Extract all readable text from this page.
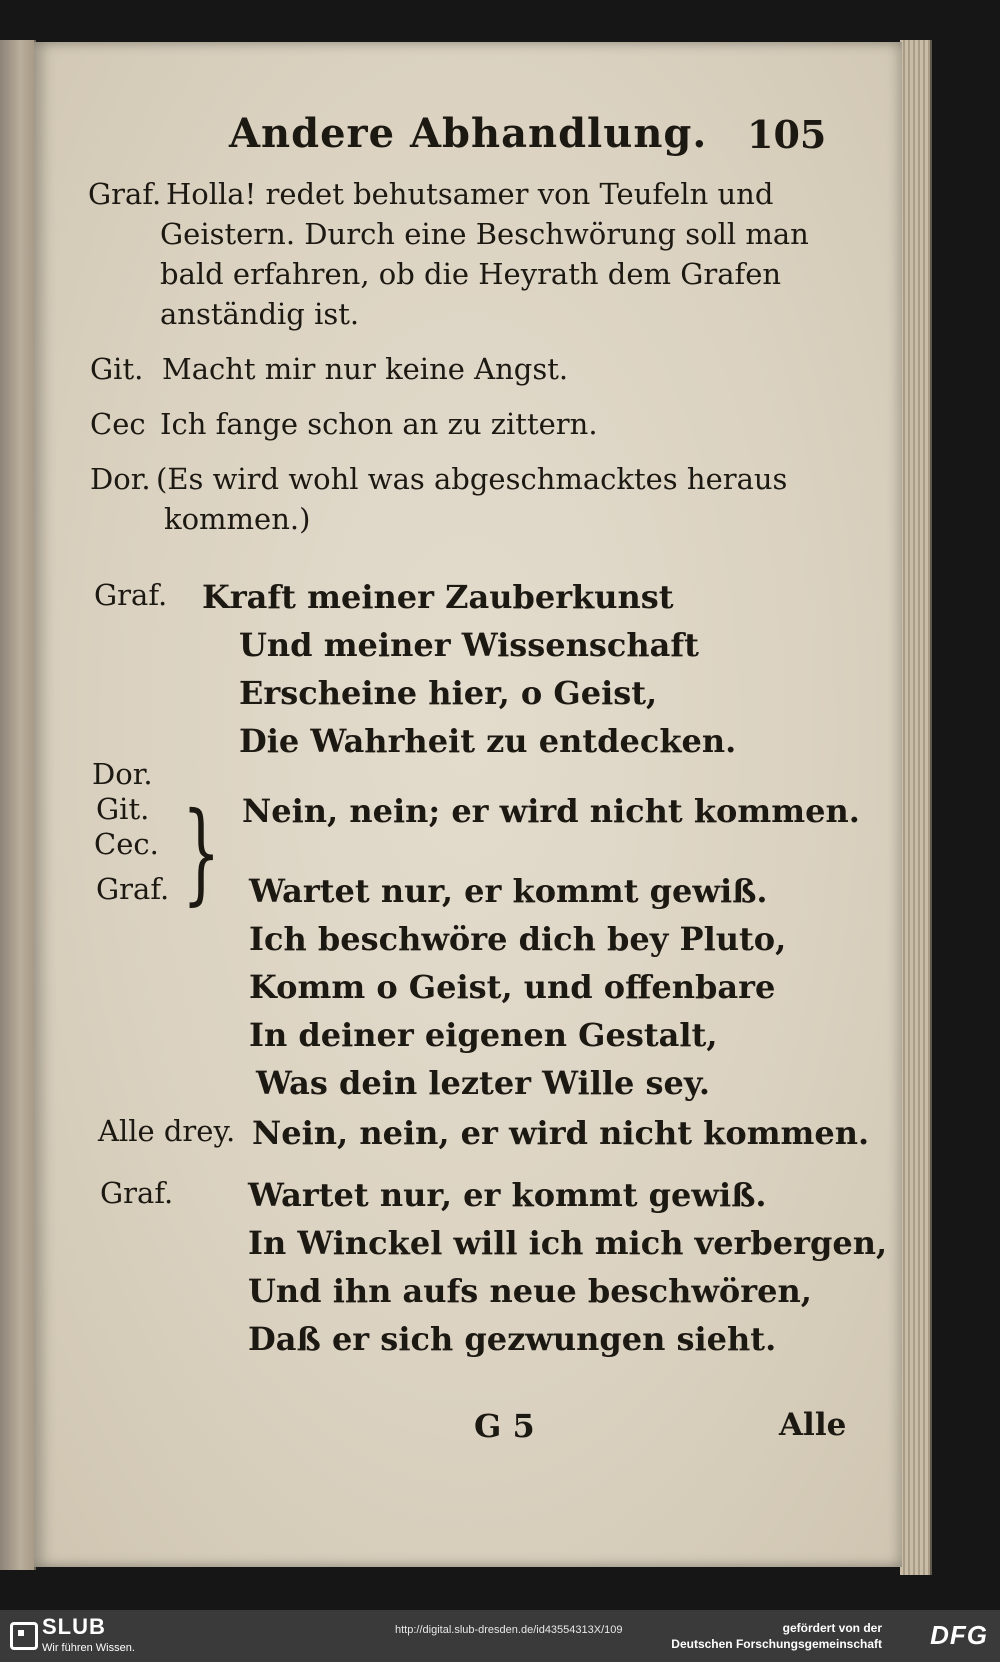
Andere Abhandlung. 105
Graf. Holla! redet behutsamer von Teufeln und
Geistern. Durch eine Beschwörung soll man
bald erfahren, ob die Heyrath dem Grafen
anständig ist.
Git. Macht mir nur keine Angst.
Cec Ich fange schon an zu zittern.
Dor. (Es wird wohl was abgeschmacktes heraus
kommen.)
Graf. Kraft meiner Zauberkunst
Und meiner Wissenschaft
Erscheine hier, o Geist,
Die Wahrheit zu entdecken.
Dor.
Git.
Cec. } Nein, nein; er wird nicht kommen.
Graf. Wartet nur, er kommt gewiß.
Ich beschwöre dich bey Pluto,
Komm o Geist, und offenbare
In deiner eigenen Gestalt,
Was dein lezter Wille sey.
Alle drey. Nein, nein, er wird nicht kommen.
Graf. Wartet nur, er kommt gewiß.
In Winckel will ich mich verbergen,
Und ihn aufs neue beschwören,
Daß er sich gezwungen sieht.
G 5	Alle
SLUB
Wir führen Wissen.
http://digital.slub-dresden.de/id43554313X/109	gefördert von der
Deutschen Forschungsgemeinschaft DFG
